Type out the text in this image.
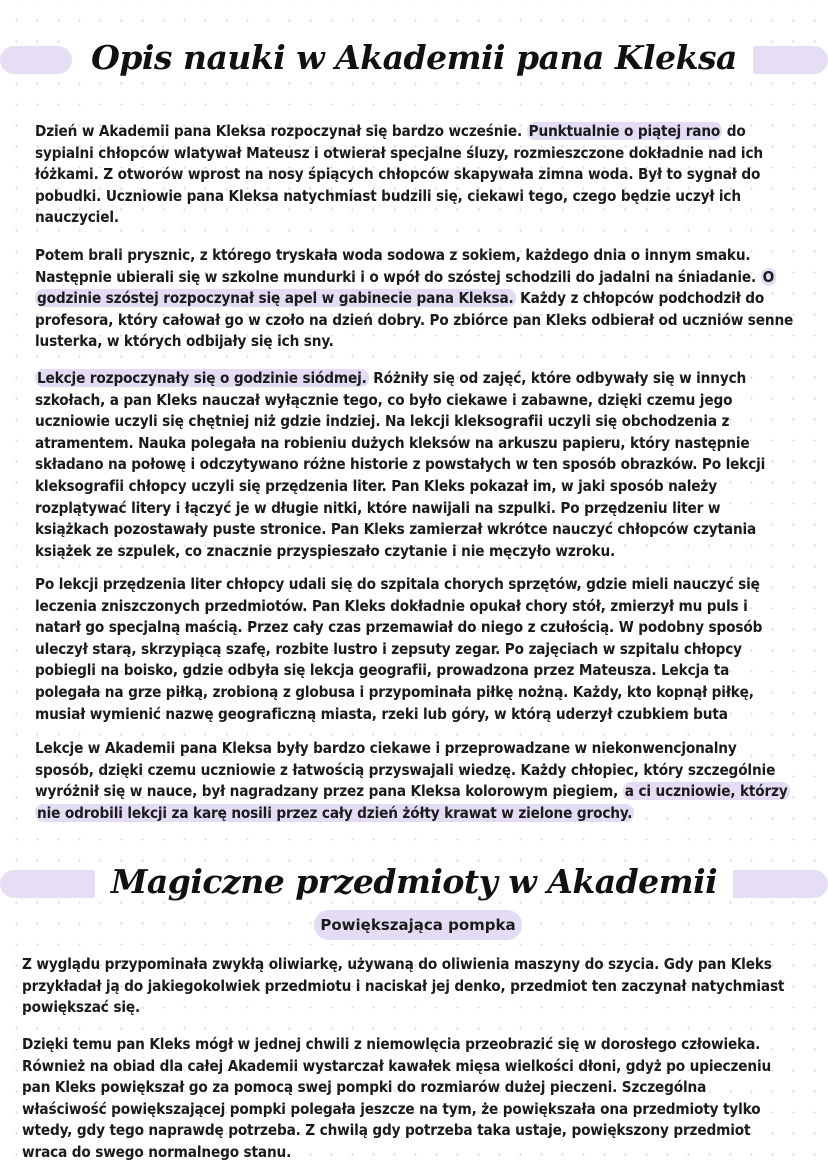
Opis nauki w Akademii pana Kleksa

Dzień w Akademii pana Kleksa rozpoczynał się bardzo wcześnie. Punktualnie o piątej rano do sypialni chłopców wlatywał Mateusz i otwierał specjalne śluzy, rozmieszczone dokładnie nad ich łóżkami. Z otworów wprost na nosy śpiących chłopców skapywała zimna woda. Był to sygnał do pobudki. Uczniowie pana Kleksa natychmiast budzili się, ciekawi tego, czego będzie uczył ich nauczyciel.

Potem brali prysznic, z którego tryskała woda sodowa z sokiem, każdego dnia o innym smaku. Następnie ubierali się w szkolne mundurki i o wpół do szóstej schodzili do jadalni na śniadanie. O godzinie szóstej rozpoczynał się apel w gabinecie pana Kleksa. Każdy z chłopców podchodził do profesora, który całował go w czoło na dzień dobry. Po zbiórce pan Kleks odbierał od uczniów senne lusterka, w których odbijały się ich sny.

Lekcje rozpoczynały się o godzinie siódmej. Różniły się od zajęć, które odbywały się w innych szkołach, a pan Kleks nauczał wyłącznie tego, co było ciekawe i zabawne, dzięki czemu jego uczniowie uczyli się chętniej niż gdzie indziej. Na lekcji kleksografii uczyli się obchodzenia z atramentem. Nauka polegała na robieniu dużych kleksów na arkuszu papieru, który następnie składano na połowę i odczytywano różne historie z powstałych w ten sposób obrazków. Po lekcji kleksografii chłopcy uczyli się przędzenia liter. Pan Kleks pokazał im, w jaki sposób należy rozplątywać litery i łączyć je w długie nitki, które nawijali na szpulki. Po przędzeniu liter w książkach pozostawały puste stronice. Pan Kleks zamierzał wkrótce nauczyć chłopców czytania książek ze szpulek, co znacznie przyspieszało czytanie i nie męczyło wzroku.

Po lekcji przędzenia liter chłopcy udali się do szpitala chorych sprzętów, gdzie mieli nauczyć się leczenia zniszczonych przedmiotów. Pan Kleks dokładnie opukał chory stół, zmierzył mu puls i natarł go specjalną maścią. Przez cały czas przemawiał do niego z czułością. W podobny sposób uleczył starą, skrzypiącą szafę, rozbite lustro i zepsuty zegar. Po zajęciach w szpitalu chłopcy pobiegli na boisko, gdzie odbyła się lekcja geografii, prowadzona przez Mateusza. Lekcja ta polegała na grze piłką, zrobioną z globusa i przypominała piłkę nożną. Każdy, kto kopnął piłkę, musiał wymienić nazwę geograficzną miasta, rzeki lub góry, w którą uderzył czubkiem buta

Lekcje w Akademii pana Kleksa były bardzo ciekawe i przeprowadzane w niekonwencjonalny sposób, dzięki czemu uczniowie z łatwością przyswajali wiedzę. Każdy chłopiec, który szczególnie wyróżnił się w nauce, był nagradzany przez pana Kleksa kolorowym piegiem, a ci uczniowie, którzy nie odrobili lekcji za karę nosili przez cały dzień żółty krawat w zielone grochy.

Magiczne przedmioty w Akademii
Powiększająca pompka

Z wyglądu przypominała zwykłą oliwiarkę, używaną do oliwienia maszyny do szycia. Gdy pan Kleks przykładał ją do jakiegokolwiek przedmiotu i naciskał jej denko, przedmiot ten zaczynał natychmiast powiększać się.

Dzięki temu pan Kleks mógł w jednej chwili z niemowlęcia przeobrazić się w dorosłego człowieka. Również na obiad dla całej Akademii wystarczał kawałek mięsa wielkości dłoni, gdyż po upieczeniu pan Kleks powiększał go za pomocą swej pompki do rozmiarów dużej pieczeni. Szczególna właściwość powiększającej pompki polegała jeszcze na tym, że powiększała ona przedmioty tylko wtedy, gdy tego naprawdę potrzeba. Z chwilą gdy potrzeba taka ustaje, powiększony przedmiot wraca do swego normalnego stanu.
